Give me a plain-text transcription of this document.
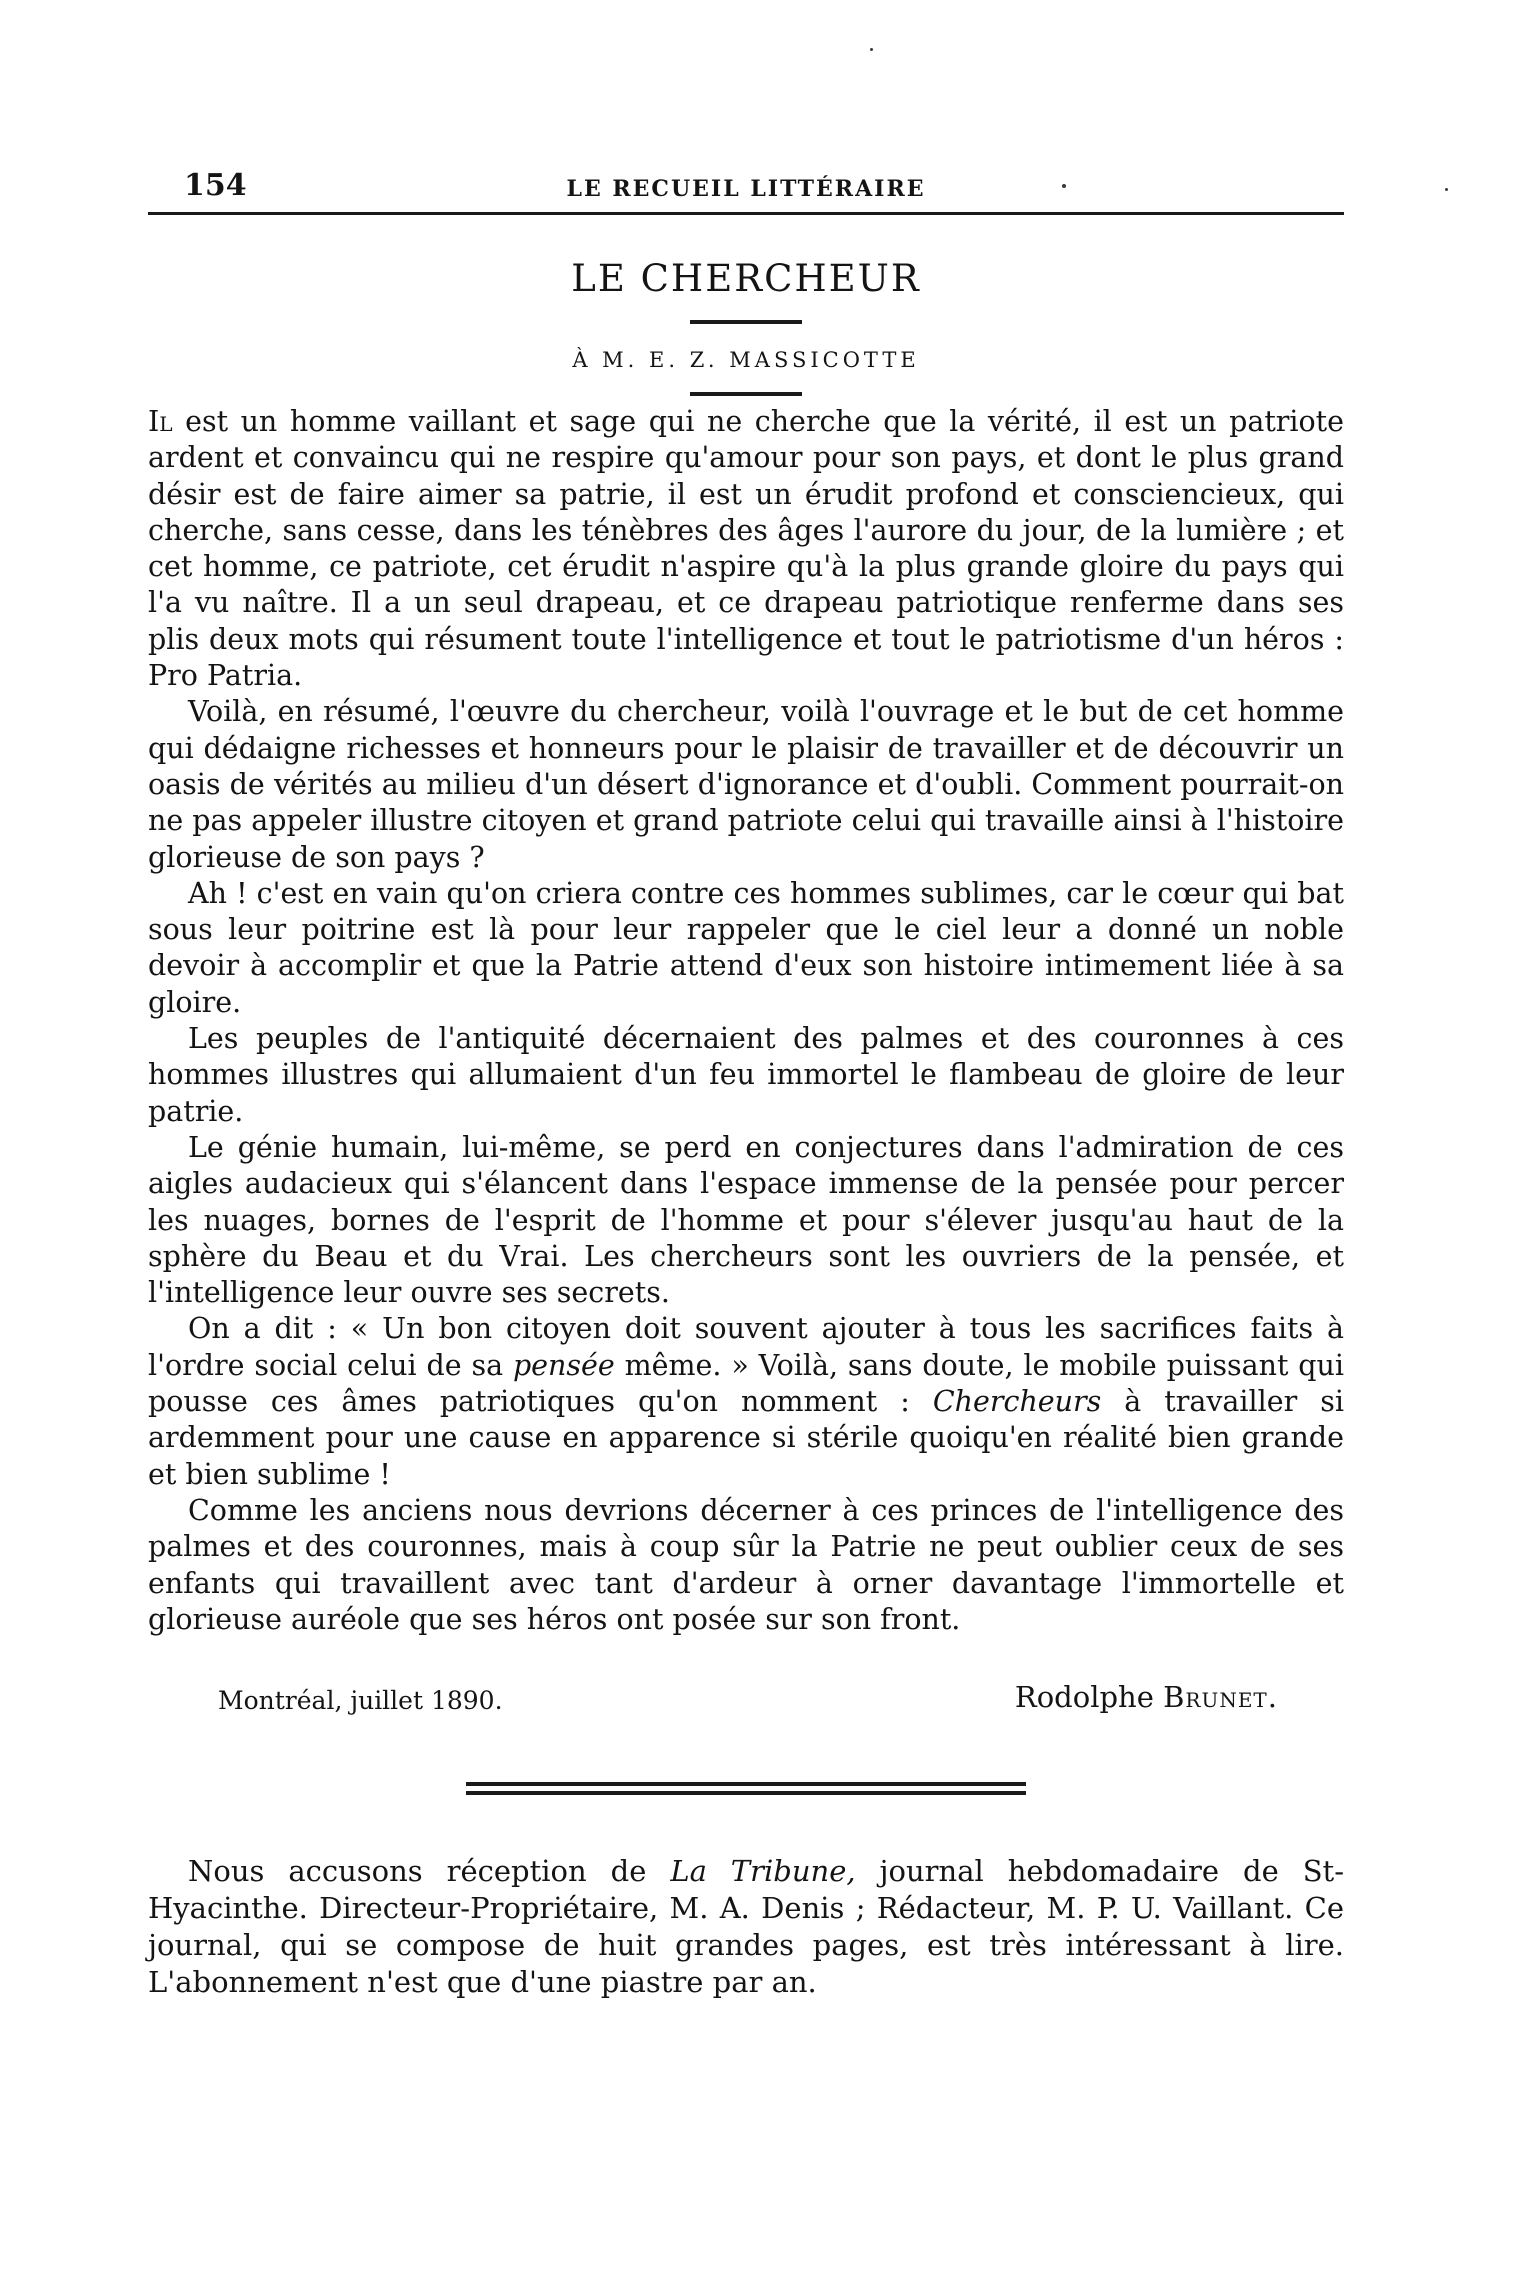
154	LE RECUEIL LITTÉRAIRE
LE CHERCHEUR
À M. E. Z. MASSICOTTE

Il est un homme vaillant et sage qui ne cherche que la vérité, il est un patriote ardent et convaincu qui ne respire qu'amour pour son pays, et dont le plus grand désir est de faire aimer sa patrie, il est un érudit profond et consciencieux, qui cherche, sans cesse, dans les ténèbres des âges l'aurore du jour, de la lumière ; et cet homme, ce patriote, cet érudit n'aspire qu'à la plus grande gloire du pays qui l'a vu naître. Il a un seul drapeau, et ce drapeau patriotique renferme dans ses plis deux mots qui résument toute l'intelligence et tout le patriotisme d'un héros : Pro Patria.

Voilà, en résumé, l'œuvre du chercheur, voilà l'ouvrage et le but de cet homme qui dédaigne richesses et honneurs pour le plaisir de travailler et de découvrir un oasis de vérités au milieu d'un désert d'ignorance et d'oubli. Comment pourrait-on ne pas appeler illustre citoyen et grand patriote celui qui travaille ainsi à l'histoire glorieuse de son pays ?

Ah ! c'est en vain qu'on criera contre ces hommes sublimes, car le cœur qui bat sous leur poitrine est là pour leur rappeler que le ciel leur a donné un noble devoir à accomplir et que la Patrie attend d'eux son histoire intimement liée à sa gloire.

Les peuples de l'antiquité décernaient des palmes et des couronnes à ces hommes illustres qui allumaient d'un feu immortel le flambeau de gloire de leur patrie.

Le génie humain, lui-même, se perd en conjectures dans l'admiration de ces aigles audacieux qui s'élancent dans l'espace immense de la pensée pour percer les nuages, bornes de l'esprit de l'homme et pour s'élever jusqu'au haut de la sphère du Beau et du Vrai. Les chercheurs sont les ouvriers de la pensée, et l'intelligence leur ouvre ses secrets.

On a dit : « Un bon citoyen doit souvent ajouter à tous les sacrifices faits à l'ordre social celui de sa pensée même. » Voilà, sans doute, le mobile puissant qui pousse ces âmes patriotiques qu'on nomment : Chercheurs à travailler si ardemment pour une cause en apparence si stérile quoiqu'en réalité bien grande et bien sublime !

Comme les anciens nous devrions décerner à ces princes de l'intelligence des palmes et des couronnes, mais à coup sûr la Patrie ne peut oublier ceux de ses enfants qui travaillent avec tant d'ardeur à orner davantage l'immortelle et glorieuse auréole que ses héros ont posée sur son front.

Montréal, juillet 1890.	Rodolphe Brunet.

Nous accusons réception de La Tribune, journal hebdomadaire de St-Hyacinthe. Directeur-Propriétaire, M. A. Denis ; Rédacteur, M. P. U. Vaillant. Ce journal, qui se compose de huit grandes pages, est très intéressant à lire. L'abonnement n'est que d'une piastre par an.
